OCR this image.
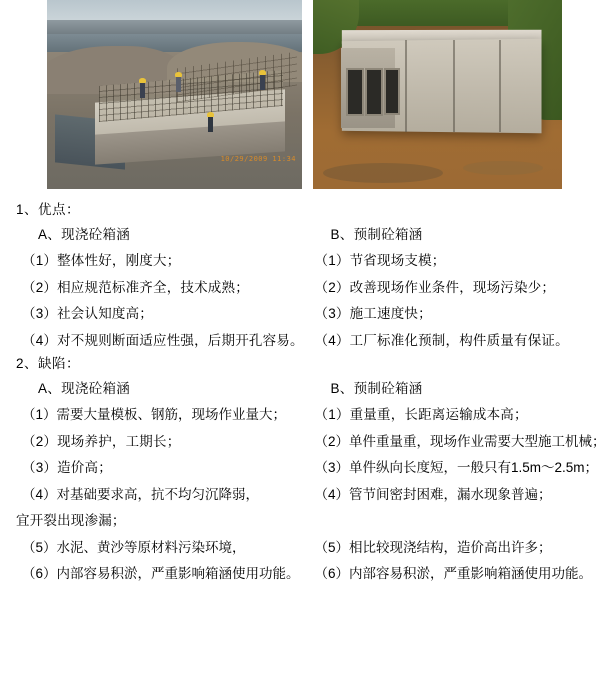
10/29/2009 11:34
1、优点：
A、现浇砼箱涵
（1）整体性好，刚度大；
（2）相应规范标准齐全，技术成熟；
（3）社会认知度高；
（4）对不规则断面适应性强，后期开孔容易。
B、预制砼箱涵
（1）节省现场支模；
（2）改善现场作业条件，现场污染少；
（3）施工速度快；
（4）工厂标准化预制，构件质量有保证。
2、缺陷：
A、现浇砼箱涵
（1）需要大量模板、钢筋，现场作业量大；
（2）现场养护，工期长；
（3）造价高；
（4）对基础要求高，抗不均匀沉降弱，
B、预制砼箱涵
（1）重量重，长距离运输成本高；
（2）单件重量重，现场作业需要大型施工机械；
（3）单件纵向长度短，一般只有1.5m～2.5m；
（4）管节间密封困难，漏水现象普遍；
宜开裂出现渗漏；
（5）水泥、黄沙等原材料污染环境，
（6）内部容易积淤，严重影响箱涵使用功能。
（5）相比较现浇结构，造价高出许多；
（6）内部容易积淤，严重影响箱涵使用功能。
